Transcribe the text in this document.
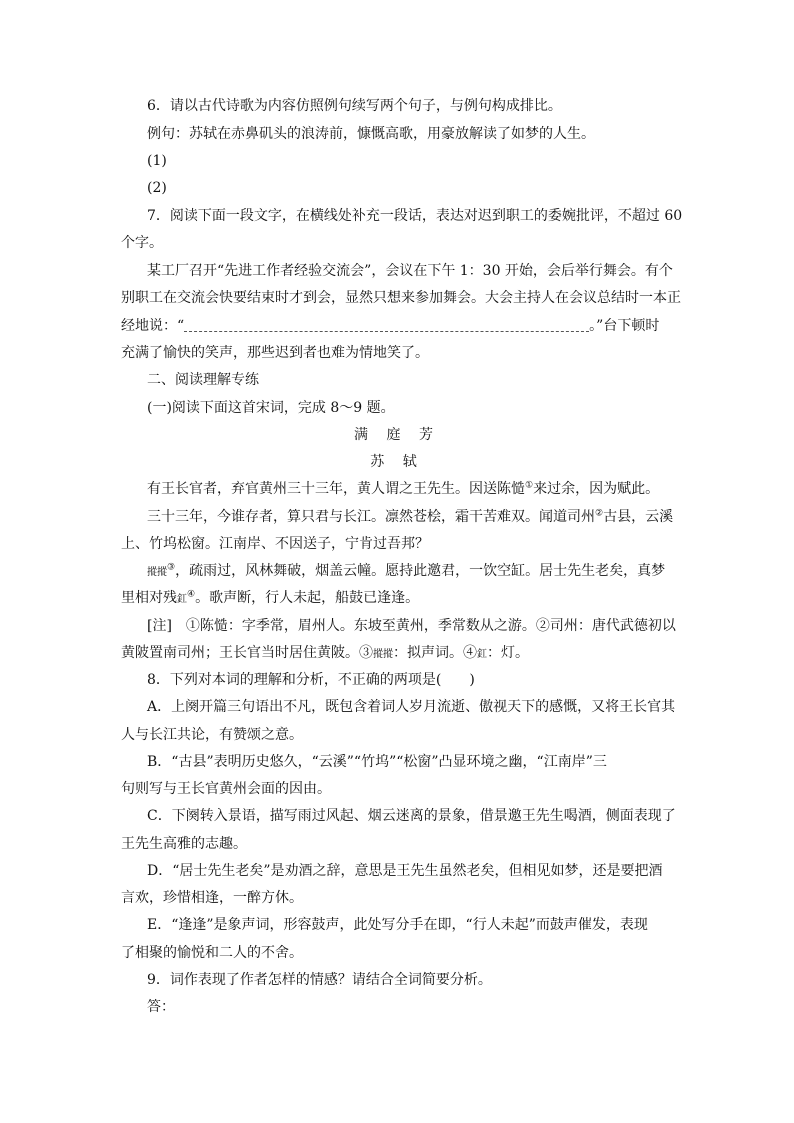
6．请以古代诗歌为内容仿照例句续写两个句子，与例句构成排比。
例句：苏轼在赤鼻矶头的浪涛前，慷慨高歌，用豪放解读了如梦的人生。
(1)
(2)
7．阅读下面一段文字，在横线处补充一段话，表达对迟到职工的委婉批评，不超过 60
个字。
某工厂召开“先进工作者经验交流会”，会议在下午 1：30 开始，会后举行舞会。有个
别职工在交流会快要结束时才到会，显然只想来参加舞会。大会主持人在会议总结时一本正
经地说：“	。”台下顿时
充满了愉快的笑声，那些迟到者也难为情地笑了。
二、阅读理解专练
(一)阅读下面这首宋词，完成 8～9 题。
满 庭 芳
苏 轼
有王长官者，弃官黄州三十三年，黄人谓之王先生。因送陈慥①来过余，因为赋此。
三十三年，今谁存者，算只君与长江。凛然苍桧，霜干苦难双。闻道司州②古县，云溪
上、竹坞松窗。江南岸、不因送子，宁肯过吾邦？
摐摐③，疏雨过，风林舞破，烟盖云幢。愿持此邀君，一饮空缸。居士先生老矣，真梦
里相对残釭④。歌声断，行人未起，船鼓已逢逢。
[注]　①陈慥：字季常，眉州人。东坡至黄州，季常数从之游。②司州：唐代武德初以
黄陂置南司州；王长官当时居住黄陂。③摐摐：拟声词。④釭：灯。
8．下列对本词的理解和分析，不正确的两项是(　　)
A．上阕开篇三句语出不凡，既包含着词人岁月流逝、傲视天下的感慨，又将王长官其
人与长江共论，有赞颂之意。
B．“古县”表明历史悠久，“云溪”“竹坞”“松窗”凸显环境之幽，“江南岸”三
句则写与王长官黄州会面的因由。
C．下阕转入景语，描写雨过风起、烟云迷离的景象，借景邀王先生喝酒，侧面表现了
王先生高雅的志趣。
D．“居士先生老矣”是劝酒之辞，意思是王先生虽然老矣，但相见如梦，还是要把酒
言欢，珍惜相逢，一醉方休。
E．“逢逢”是象声词，形容鼓声，此处写分手在即，“行人未起”而鼓声催发，表现
了相聚的愉悦和二人的不舍。
9．词作表现了作者怎样的情感？请结合全词简要分析。
答：
